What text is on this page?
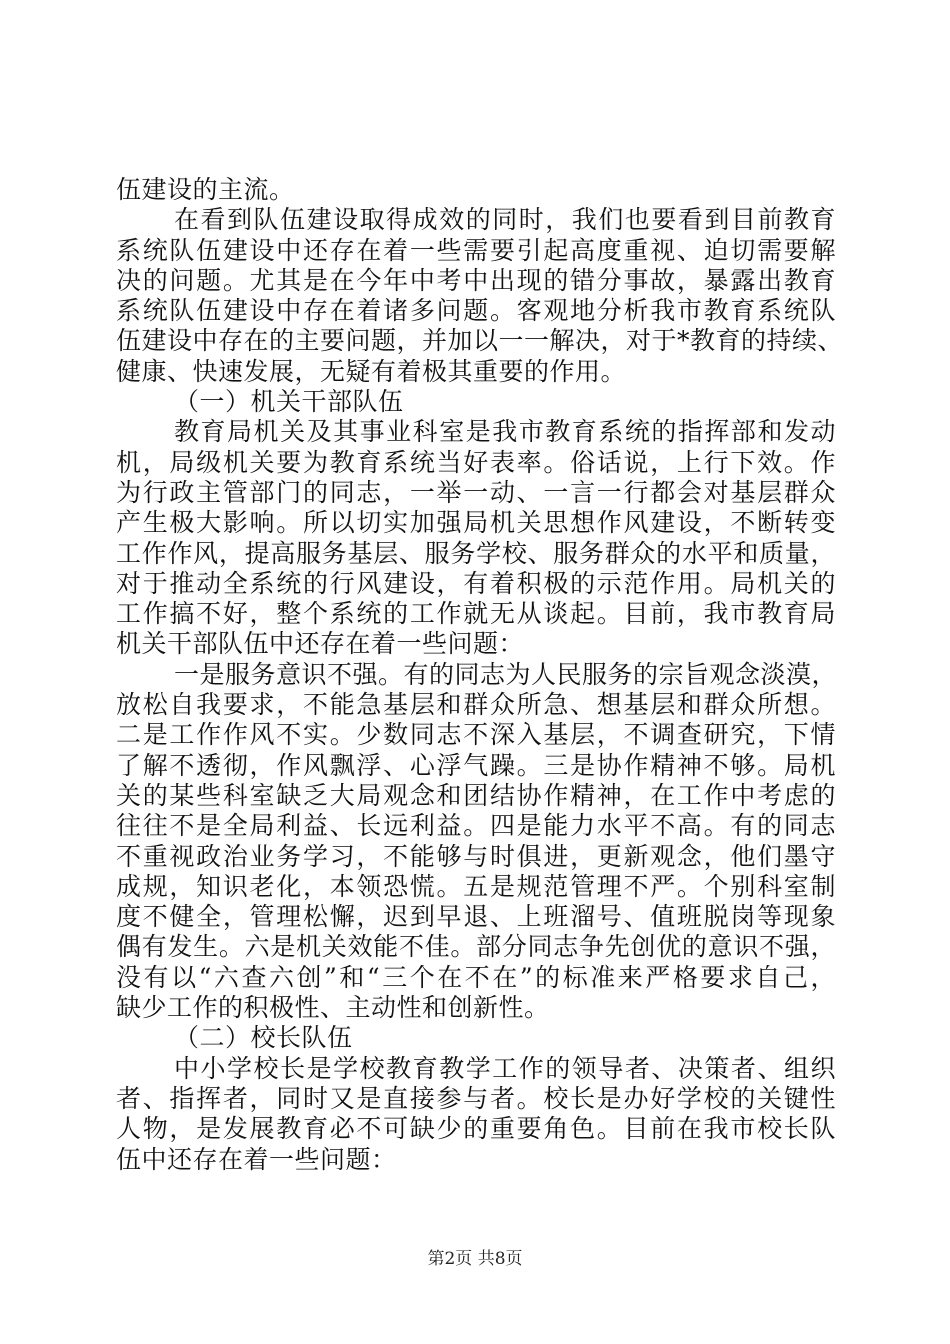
伍建设的主流。
在看到队伍建设取得成效的同时，我们也要看到目前教育
系统队伍建设中还存在着一些需要引起高度重视、迫切需要解
决的问题。尤其是在今年中考中出现的错分事故，暴露出教育
系统队伍建设中存在着诸多问题。客观地分析我市教育系统队
伍建设中存在的主要问题，并加以一一解决，对于*教育的持续、
健康、快速发展，无疑有着极其重要的作用。
（一）机关干部队伍
教育局机关及其事业科室是我市教育系统的指挥部和发动
机，局级机关要为教育系统当好表率。俗话说，上行下效。作
为行政主管部门的同志，一举一动、一言一行都会对基层群众
产生极大影响。所以切实加强局机关思想作风建设，不断转变
工作作风，提高服务基层、服务学校、服务群众的水平和质量，
对于推动全系统的行风建设，有着积极的示范作用。局机关的
工作搞不好，整个系统的工作就无从谈起。目前，我市教育局
机关干部队伍中还存在着一些问题：
一是服务意识不强。有的同志为人民服务的宗旨观念淡漠，
放松自我要求，不能急基层和群众所急、想基层和群众所想。
二是工作作风不实。少数同志不深入基层，不调查研究，下情
了解不透彻，作风飘浮、心浮气躁。三是协作精神不够。局机
关的某些科室缺乏大局观念和团结协作精神，在工作中考虑的
往往不是全局利益、长远利益。四是能力水平不高。有的同志
不重视政治业务学习，不能够与时俱进，更新观念，他们墨守
成规，知识老化，本领恐慌。五是规范管理不严。个别科室制
度不健全，管理松懈，迟到早退、上班溜号、值班脱岗等现象
偶有发生。六是机关效能不佳。部分同志争先创优的意识不强，
没有以“六查六创”和“三个在不在”的标准来严格要求自己，
缺少工作的积极性、主动性和创新性。
（二）校长队伍
中小学校长是学校教育教学工作的领导者、决策者、组织
者、指挥者，同时又是直接参与者。校长是办好学校的关键性
人物，是发展教育必不可缺少的重要角色。目前在我市校长队
伍中还存在着一些问题：
第2页 共8页
